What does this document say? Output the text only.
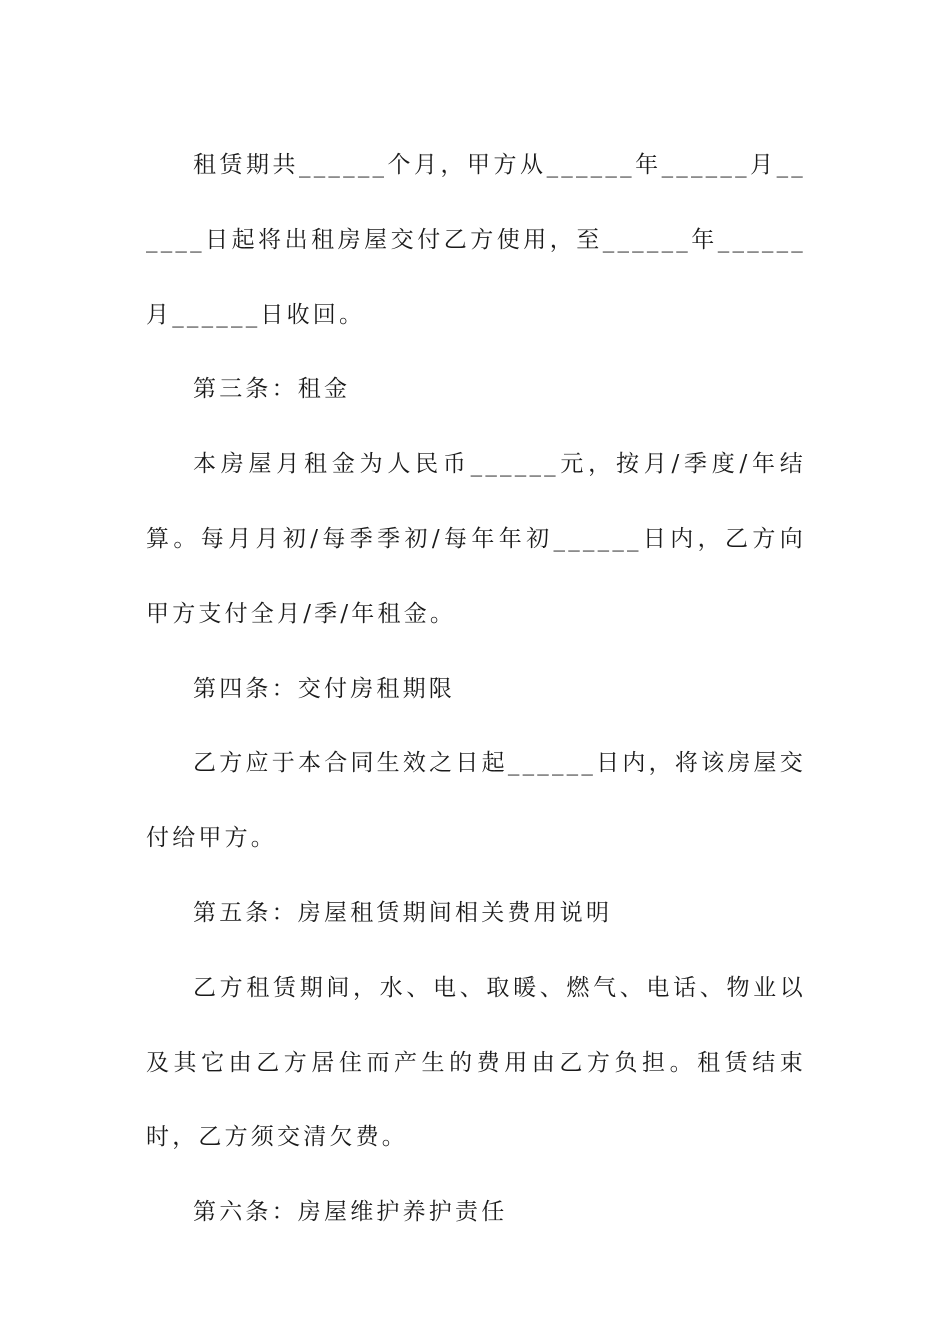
租赁期共______个月，甲方从______年______月______日起将出租房屋交付乙方使用，至______年______月______日收回。

第三条：租金

本房屋月租金为人民币______元，按月/季度/年结算。每月月初/每季季初/每年年初______日内，乙方向甲方支付全月/季/年租金。

第四条：交付房租期限

乙方应于本合同生效之日起______日内，将该房屋交付给甲方。

第五条：房屋租赁期间相关费用说明

乙方租赁期间，水、电、取暖、燃气、电话、物业以及其它由乙方居住而产生的费用由乙方负担。租赁结束时，乙方须交清欠费。

第六条：房屋维护养护责任
